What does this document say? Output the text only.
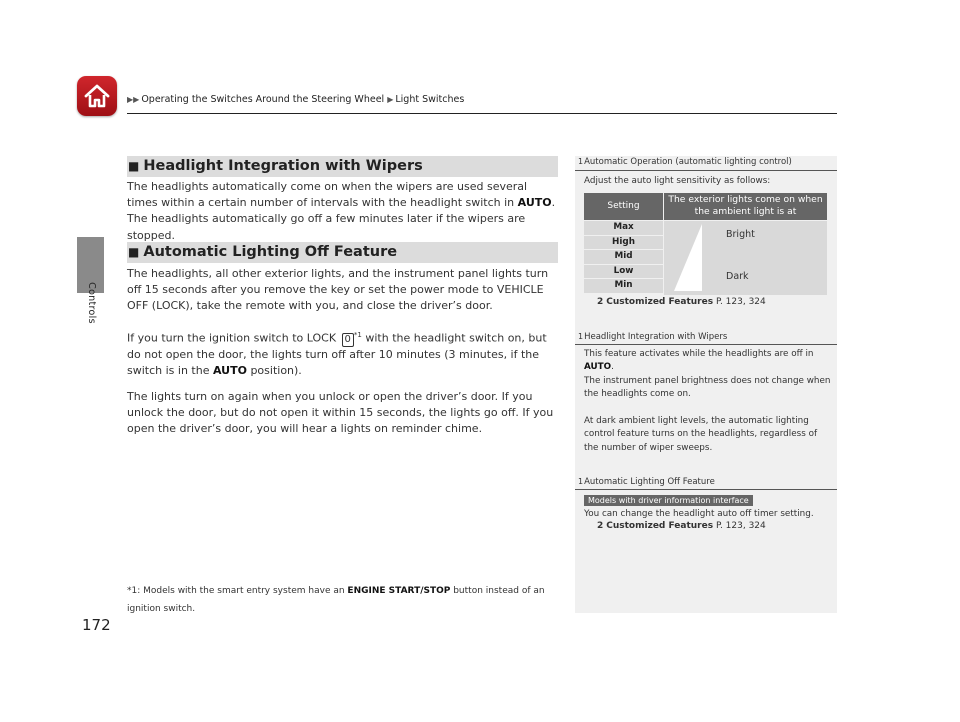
▶▶ Operating the Switches Around the Steering Wheel ▶ Light Switches
Controls
172
■ Headlight Integration with Wipers
The headlights automatically come on when the wipers are used several times within a certain number of intervals with the headlight switch in AUTO.
The headlights automatically go off a few minutes later if the wipers are stopped.
■ Automatic Lighting Off Feature
The headlights, all other exterior lights, and the instrument panel lights turn off 15 seconds after you remove the key or set the power mode to VEHICLE OFF (LOCK), take the remote with you, and close the driver’s door.
If you turn the ignition switch to LOCK 0 $^{*1}$ with the headlight switch on, but do not open the door, the lights turn off after 10 minutes (3 minutes, if the switch is in the AUTO position).
The lights turn on again when you unlock or open the driver’s door. If you unlock the door, but do not open it within 15 seconds, the lights go off. If you open the driver’s door, you will hear a lights on reminder chime.
*1: Models with the smart entry system have an ENGINE START/STOP button instead of an ignition switch.
1Automatic Operation (automatic lighting control)
Adjust the auto light sensitivity as follows:
Setting
The exterior lights come on when the ambient light is at
Max
High
Mid
Low
Min
Bright
Dark
2 Customized Features P. 123, 324
1Headlight Integration with Wipers
This feature activates while the headlights are off in AUTO.
The instrument panel brightness does not change when the headlights come on.
At dark ambient light levels, the automatic lighting control feature turns on the headlights, regardless of the number of wiper sweeps.
1Automatic Lighting Off Feature
Models with driver information interface
You can change the headlight auto off timer setting.
2 Customized Features P. 123, 324
